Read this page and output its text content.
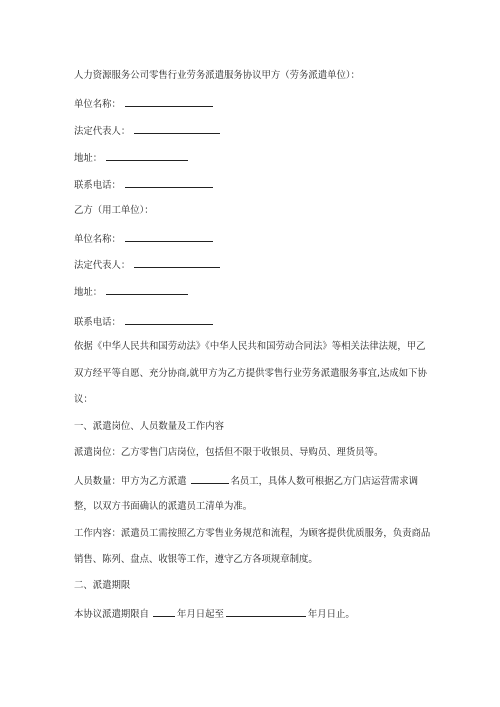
人力资源服务公司零售行业劳务派遣服务协议甲方（劳务派遣单位）：
单位名称：
法定代表人：
地址：
联系电话：
乙方（用工单位）：
单位名称：
法定代表人：
地址：
联系电话：
依据《中华人民共和国劳动法》《中华人民共和国劳动合同法》等相关法律法规，甲乙
双方经平等自愿、充分协商,就甲方为乙方提供零售行业劳务派遣服务事宜,达成如下协
议：
一、派遣岗位、人员数量及工作内容
派遣岗位：乙方零售门店岗位，包括但不限于收银员、导购员、理货员等。
人员数量：甲方为乙方派遣	名员工，具体人数可根据乙方门店运营需求调
整，以双方书面确认的派遣员工清单为准。
工作内容：派遣员工需按照乙方零售业务规范和流程，为顾客提供优质服务，负责商品
销售、陈列、盘点、收银等工作，遵守乙方各项规章制度。
二、派遣期限
本协议派遣期限自	年月日起至	年月日止。
